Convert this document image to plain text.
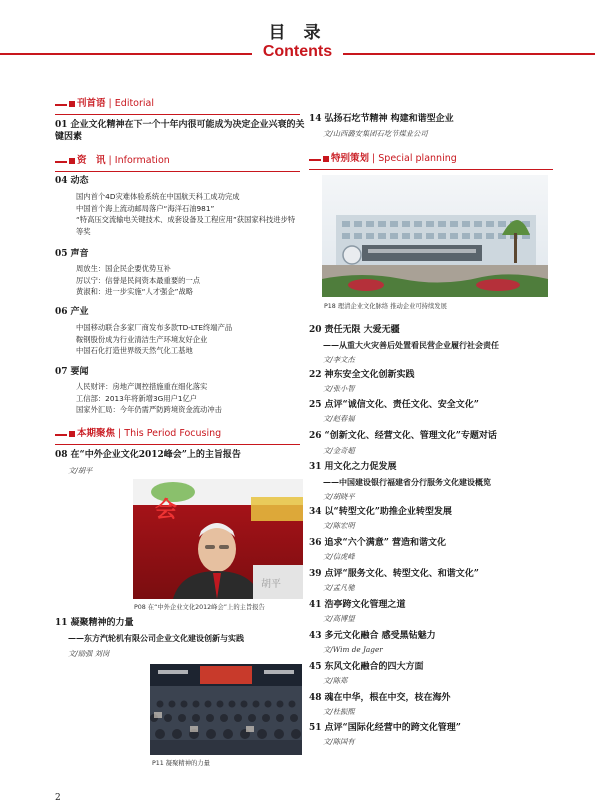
目 录
Contents
刊首语 | Editorial
01 企业文化精神在下一个十年内很可能成为决定企业兴衰的关键因素
资　讯 | Information
04 动态
国内首个4D灾难体验系统在中国航天科工成功完成
中国首个海上流动邮局落户“海洋石油981”
“特高压交流输电关键技术、成套设备及工程应用”获国家科技进步特等奖
05 声音
周放生：国企民企要优势互补
厉以宁：信誉是民间资本最重要的一点
黄淑和：进一步实施“人才强企”战略
06 产业
中国移动联合多家厂商发布多款TD-LTE终端产品
鞍钢股份成为行业清洁生产环境友好企业
中国石化打造世界级天然气化工基地
07 要闻
人民财评：房地产调控措施重在细化落实
工信部：2013年将新增3G用户1亿户
国家外汇局：今年仍需严防跨境资金流动冲击
本期聚焦 | This Period Focusing
08 在“中外企业文化2012峰会”上的主旨报告
文/胡平
会
胡平
P08 在“中外企业文化2012峰会”上的主旨报告
11 凝聚精神的力量
——东方汽轮机有限公司企业文化建设创新与实践
文/励强 刘岗
P11 凝聚精神的力量
14 弘扬石圪节精神 构建和谐型企业
文/山西潞安集团石圪节煤业公司
特别策划 | Special planning
P18 理清企业文化脉络 推动企业可持续发展
20 责任无限 大爱无疆
——从重大火灾善后处置看民营企业履行社会责任
文/李文杰
22 神东安全文化创新实践
文/张小智
25 点评“诚信文化、责任文化、安全文化”
文/赵春福
26 “创新文化、经营文化、管理文化”专题对话
文/金奇超
31 用文化之力促发展
——中国建设银行福建省分行服务文化建设概览
文/胡晓平
34 以“转型文化”助推企业转型发展
文/陈宏明
36 追求“六个满意” 营造和谐文化
文/信虎峰
39 点评“服务文化、转型文化、和谐文化”
文/孟凡驰
41 浩亭跨文化管理之道
文/高博望
43 多元文化融合 感受黑钻魅力
文/Wim de Jager
45 东风文化融合的四大方面
文/陈郑
48 魂在中华，根在中交，枝在海外
文/杜振熙
51 点评“国际化经营中的跨文化管理”
文/陈国有
2
